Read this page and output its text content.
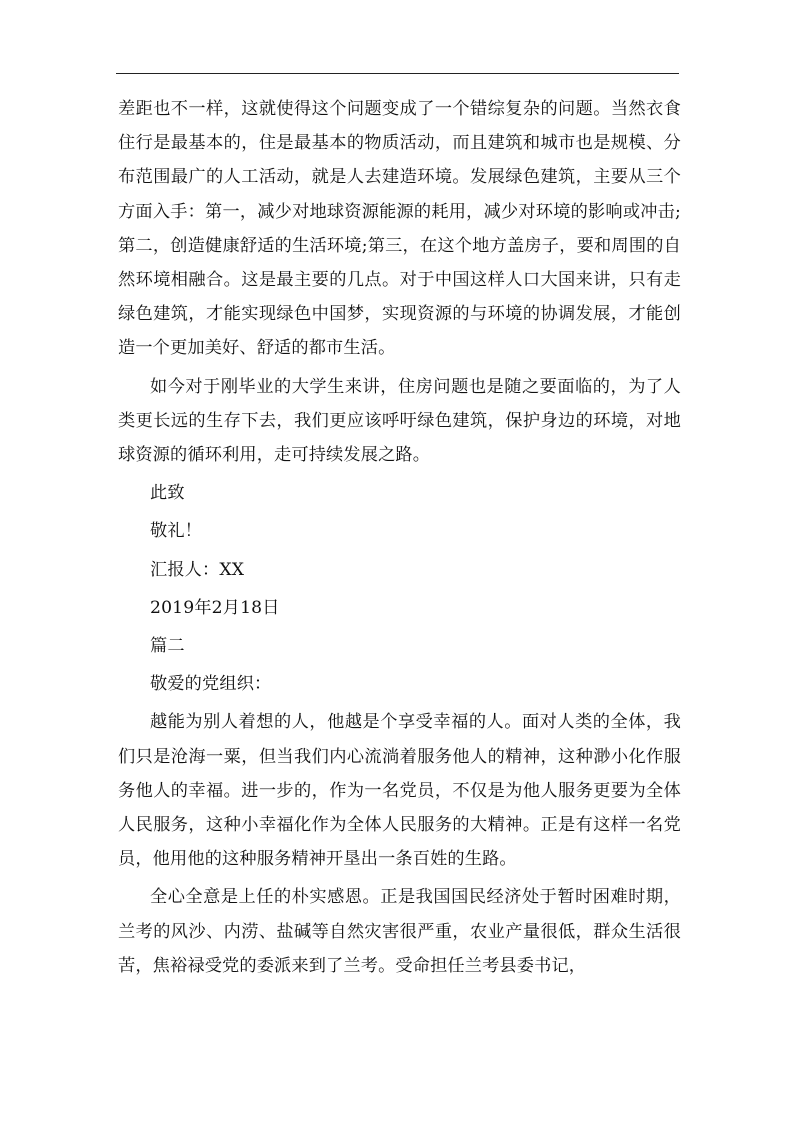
差距也不一样，这就使得这个问题变成了一个错综复杂的问题。当然衣食住行是最基本的，住是最基本的物质活动，而且建筑和城市也是规模、分布范围最广的人工活动，就是人去建造环境。发展绿色建筑，主要从三个方面入手：第一，减少对地球资源能源的耗用，减少对环境的影响或冲击;第二，创造健康舒适的生活环境;第三，在这个地方盖房子，要和周围的自然环境相融合。这是最主要的几点。对于中国这样人口大国来讲，只有走绿色建筑，才能实现绿色中国梦，实现资源的与环境的协调发展，才能创造一个更加美好、舒适的都市生活。

如今对于刚毕业的大学生来讲，住房问题也是随之要面临的，为了人类更长远的生存下去，我们更应该呼吁绿色建筑，保护身边的环境，对地球资源的循环利用，走可持续发展之路。

此致

敬礼！

汇报人：XX

2019年2月18日

篇二

敬爱的党组织：

越能为别人着想的人，他越是个享受幸福的人。面对人类的全体，我们只是沧海一粟，但当我们内心流淌着服务他人的精神，这种渺小化作服务他人的幸福。进一步的，作为一名党员，不仅是为他人服务更要为全体人民服务，这种小幸福化作为全体人民服务的大精神。正是有这样一名党员，他用他的这种服务精神开垦出一条百姓的生路。

全心全意是上任的朴实感恩。正是我国国民经济处于暂时困难时期，兰考的风沙、内涝、盐碱等自然灾害很严重，农业产量很低，群众生活很苦，焦裕禄受党的委派来到了兰考。受命担任兰考县委书记，
